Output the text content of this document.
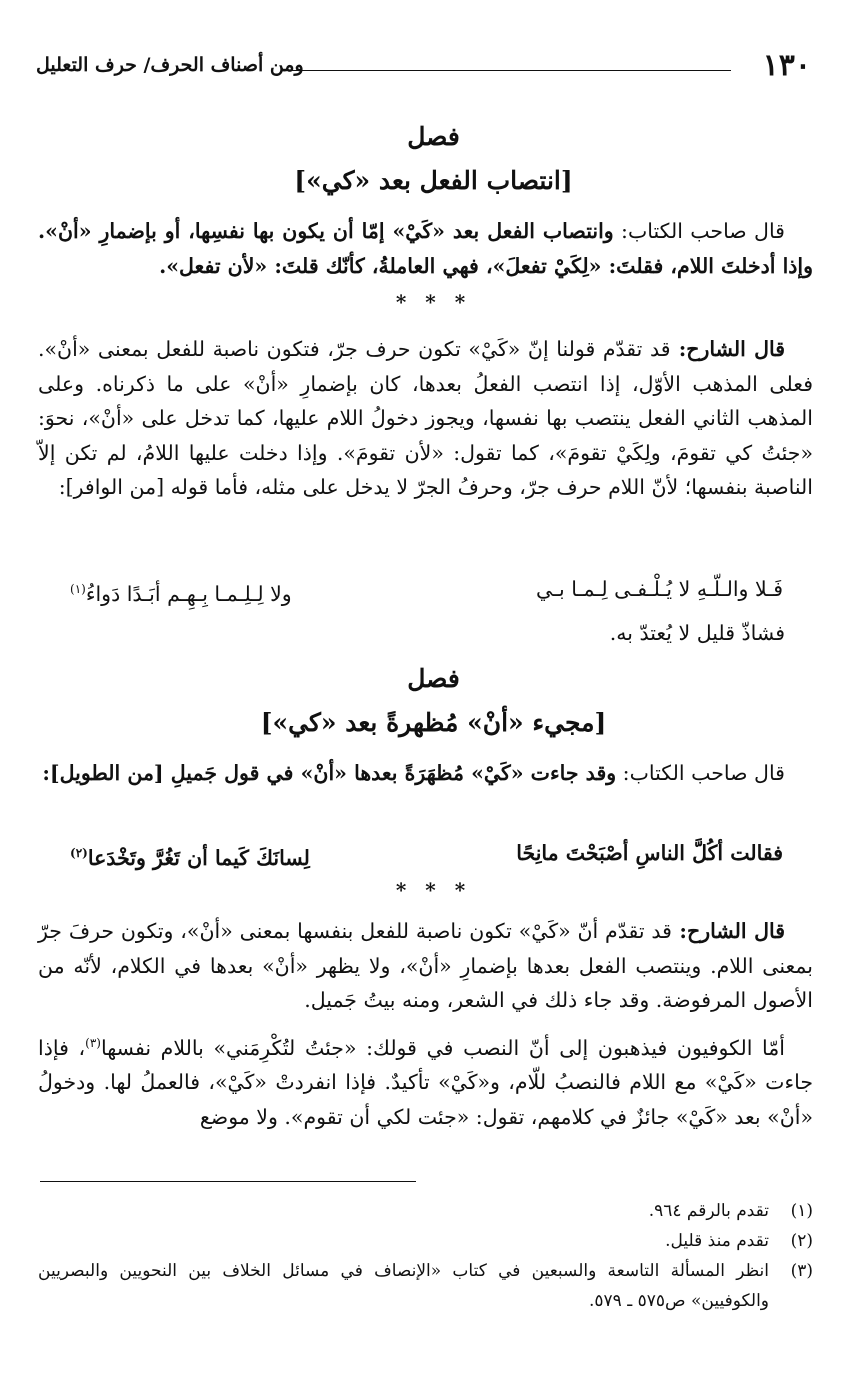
١٣٠
ومن أصناف الحرف/ حرف التعليل
فصل
[انتصاب الفعل بعد «كي»]

قال صاحب الكتاب: وانتصاب الفعل بعد «كَيْ» إمّا أن يكون بها نفسِها، أو بإضمارِ «أنْ». وإذا أدخلتَ اللام، فقلتَ: «لِكَيْ تفعلَ»، فهي العاملةُ، كأنّك قلتَ: «لأن تفعل».

* * *

قال الشارح: قد تقدّم قولنا إنّ «كَيْ» تكون حرف جرّ، فتكون ناصبة للفعل بمعنى «أنْ». فعلى المذهب الأوّل، إذا انتصب الفعلُ بعدها، كان بإضمارِ «أنْ» على ما ذكرناه. وعلى المذهب الثاني الفعل ينتصب بها نفسها، ويجوز دخولُ اللام عليها، كما تدخل على «أنْ»، نحوَ: «جئتُ كي تقومَ، ولِكَيْ تقومَ»، كما تقول: «لأن تقومَ». وإذا دخلت عليها اللامُ، لم تكن إلاّ الناصبة بنفسها؛ لأنّ اللام حرف جرّ، وحرفُ الجرّ لا يدخل على مثله، فأما قوله [من الوافر]:

فَـلا والـلّـهِ لا يُـلْـفـى لِـمـا بـي
ولا لِـلِـمـا بِـهِـم أبَـدًا دَواءُ$^{(١)}$

فشاذّ قليل لا يُعتدّ به.

فصل
[مجيء «أنْ» مُظهرةً بعد «كي»]

قال صاحب الكتاب: وقد جاءت «كَيْ» مُظهَرَةً بعدها «أنْ» في قول جَميلِ [من الطويل]:

فقالت أكُلَّ الناسِ أصْبَحْتَ مانِحًا
لِسانَكَ كَيما أن تَغُرَّ وتَخْدَعا$^{(٢)}$
* * *

قال الشارح: قد تقدّم أنّ «كَيْ» تكون ناصبة للفعل بنفسها بمعنى «أنْ»، وتكون حرفَ جرّ بمعنى اللام. وينتصب الفعل بعدها بإضمارِ «أنْ»، ولا يظهر «أنْ» بعدها في الكلام، لأنّه من الأصول المرفوضة. وقد جاء ذلك في الشعر، ومنه بيتُ جَميل.

أمّا الكوفيون فيذهبون إلى أنّ النصب في قولك: «جئتُ لتُكْرِمَني» باللام نفسها$^{(٣)}$، فإذا جاءت «كَيْ» مع اللام فالنصبُ للّام، و«كَيْ» تأكيدٌ. فإذا انفردتْ «كَيْ»، فالعملُ لها. ودخولُ «أنْ» بعد «كَيْ» جائزٌ في كلامهم، تقول: «جئت لكي أن تقوم». ولا موضع

(١)
تقدم بالرقم ٩٦٤.
(٢)
تقدم منذ قليل.
(٣)
انظر المسألة التاسعة والسبعين في كتاب «الإنصاف في مسائل الخلاف بين النحويين والبصريين والكوفيين» ص٥٧٥ ـ ٥٧٩.
